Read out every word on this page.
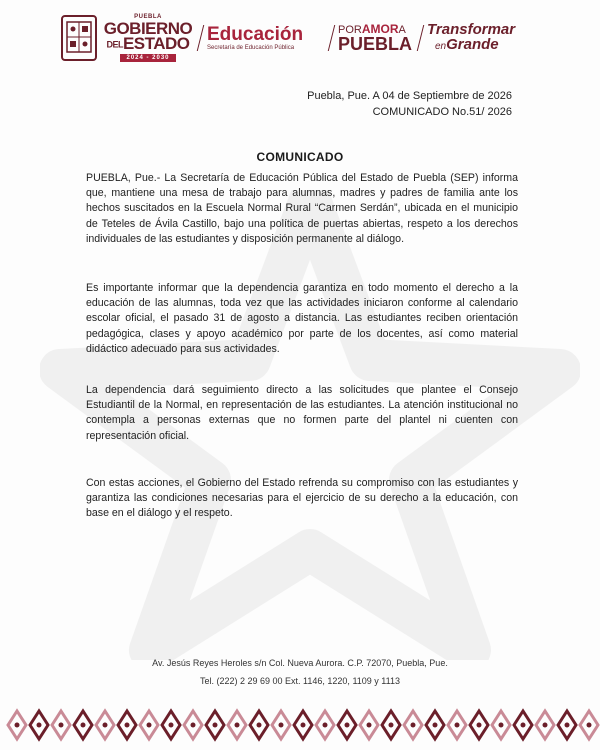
PUEBLA
GOBIERNO
DELESTADO
2024 - 2030
Educación
Secretaría de Educación Pública
PORAMORA
PUEBLA
Transformar
enGrande
Puebla, Pue. A 04 de Septiembre de 2026
COMUNICADO No.51/ 2026
COMUNICADO

PUEBLA, Pue.- La Secretaría de Educación Pública del Estado de Puebla (SEP) informa que, mantiene una mesa de trabajo para alumnas, madres y padres de familia ante los hechos suscitados en la Escuela Normal Rural “Carmen Serdán”, ubicada en el municipio de Teteles de Ávila Castillo, bajo una política de puertas abiertas, respeto a los derechos individuales de las estudiantes y disposición permanente al diálogo.

Es importante informar que la dependencia garantiza en todo momento el derecho a la educación de las alumnas, toda vez que las actividades iniciaron conforme al calendario escolar oficial, el pasado 31 de agosto a distancia. Las estudiantes reciben orientación pedagógica, clases y apoyo académico por parte de los docentes, así como material didáctico adecuado para sus actividades.

La dependencia dará seguimiento directo a las solicitudes que plantee el Consejo Estudiantil de la Normal, en representación de las estudiantes. La atención institucional no contempla a personas externas que no formen parte del plantel ni cuenten con representación oficial.

Con estas acciones, el Gobierno del Estado refrenda su compromiso con las estudiantes y garantiza las condiciones necesarias para el ejercicio de su derecho a la educación, con base en el diálogo y el respeto.

Av. Jesús Reyes Heroles s/n Col. Nueva Aurora. C.P. 72070, Puebla, Pue.
Tel. (222) 2 29 69 00 Ext. 1146, 1220, 1109 y 1113
